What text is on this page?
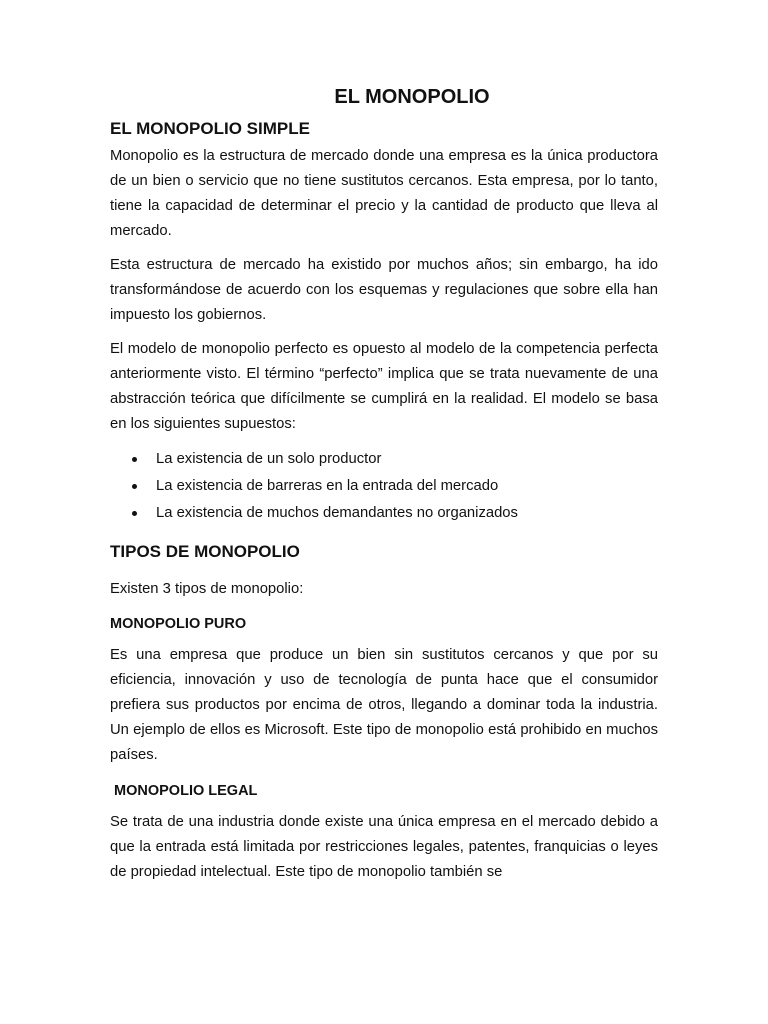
EL MONOPOLIO
EL MONOPOLIO SIMPLE

Monopolio es la estructura de mercado donde una empresa es la única productora de un bien o servicio que no tiene sustitutos cercanos. Esta empresa, por lo tanto, tiene la capacidad de determinar el precio y la cantidad de producto que lleva al mercado.

Esta estructura de mercado ha existido por muchos años; sin embargo, ha ido transformándose de acuerdo con los esquemas y regulaciones que sobre ella han impuesto los gobiernos.

El modelo de monopolio perfecto es opuesto al modelo de la competencia perfecta anteriormente visto. El término “perfecto” implica que se trata nuevamente de una abstracción teórica que difícilmente se cumplirá en la realidad. El modelo se basa en los siguientes supuestos:

La existencia de un solo productor
La existencia de barreras en la entrada del mercado
La existencia de muchos demandantes no organizados
TIPOS DE MONOPOLIO

Existen 3 tipos de monopolio:

MONOPOLIO PURO

Es una empresa que produce un bien sin sustitutos cercanos y que por su eficiencia, innovación y uso de tecnología de punta hace que el consumidor prefiera sus productos por encima de otros, llegando a dominar toda la industria. Un ejemplo de ellos es Microsoft. Este tipo de monopolio está prohibido en muchos países.

MONOPOLIO LEGAL

Se trata de una industria donde existe una única empresa en el mercado debido a que la entrada está limitada por restricciones legales, patentes, franquicias o leyes de propiedad intelectual. Este tipo de monopolio también se
